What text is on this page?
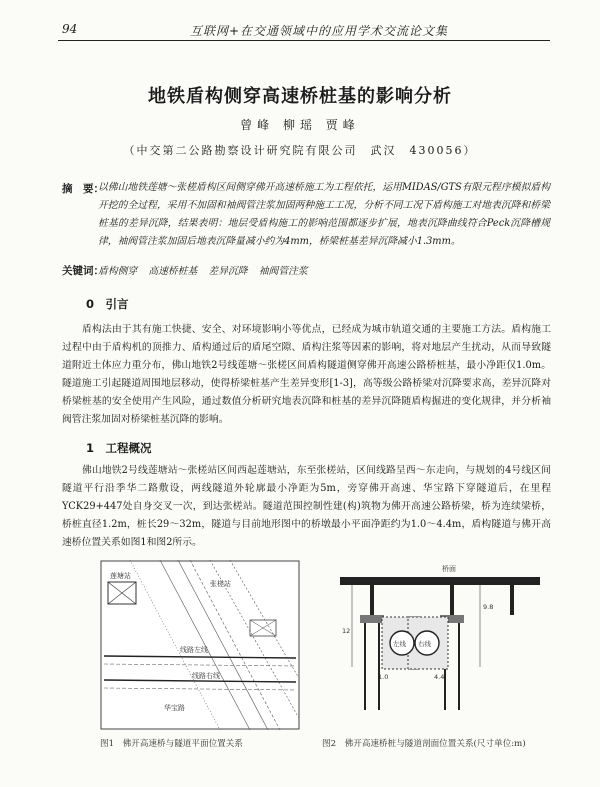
94	互联网+在交通领域中的应用学术交流论文集
地铁盾构侧穿高速桥桩基的影响分析
曾峰 柳瑶 贾峰
（中交第二公路勘察设计研究院有限公司　武汉　430056）
摘　要：
以佛山地铁莲塘～张槎盾构区间侧穿佛开高速桥施工为工程依托，运用MIDAS/GTS有限元程序模拟盾构开挖的全过程，采用不加固和袖阀管注浆加固两种施工工况，分析不同工况下盾构施工对地表沉降和桥梁桩基的差异沉降，结果表明：地层受盾构施工的影响范围都逐步扩展，地表沉降曲线符合Peck沉降槽规律，袖阀管注浆加固后地表沉降量减小约为4mm，桥梁桩基差异沉降减小1.3mm。
关键词：
盾构侧穿 高速桥桩基 差异沉降 袖阀管注浆
0　引言
盾构法由于其有施工快捷、安全、对环境影响小等优点，已经成为城市轨道交通的主要施工方法。盾构施工过程中由于盾构机的顶推力、盾构通过后的盾尾空隙、盾构注浆等因素的影响，将对地层产生扰动，从而导致隧道附近土体应力重分布，佛山地铁2号线莲塘～张槎区间盾构隧道侧穿佛开高速公路桥桩基，最小净距仅1.0m。隧道施工引起隧道周围地层移动，使得桥梁桩基产生差异变形[1-3]，高等级公路桥梁对沉降要求高，差异沉降对桥梁桩基的安全使用产生风险，通过数值分析研究地表沉降和桩基的差异沉降随盾构掘进的变化规律，并分析袖阀管注浆加固对桥梁桩基沉降的影响。
1　工程概况
佛山地铁2号线莲塘站～张槎站区间西起莲塘站，东至张槎站，区间线路呈西～东走向，与规划的4号线区间隧道平行沿季华二路敷设，两线隧道外轮廓最小净距为5m，旁穿佛开高速、华宝路下穿隧道后，在里程YCK29+447处自身交叉一次，到达张槎站。隧道范围控制性建(构)筑物为佛开高速公路桥梁，桥为连续梁桥，桥桩直径1.2m，桩长29～32m，隧道与目前地形图中的桥墩最小平面净距约为1.0～4.4m，盾构隧道与佛开高速桥位置关系如图1和图2所示。
莲塘站
张槎站
线路左线
线路右线
华宝路
图1　佛开高速桥与隧道平面位置关系
桥面
左线 右线
12
9.8
1.0	4.4
图2　佛开高速桥桩与隧道剖面位置关系(尺寸单位:m)
